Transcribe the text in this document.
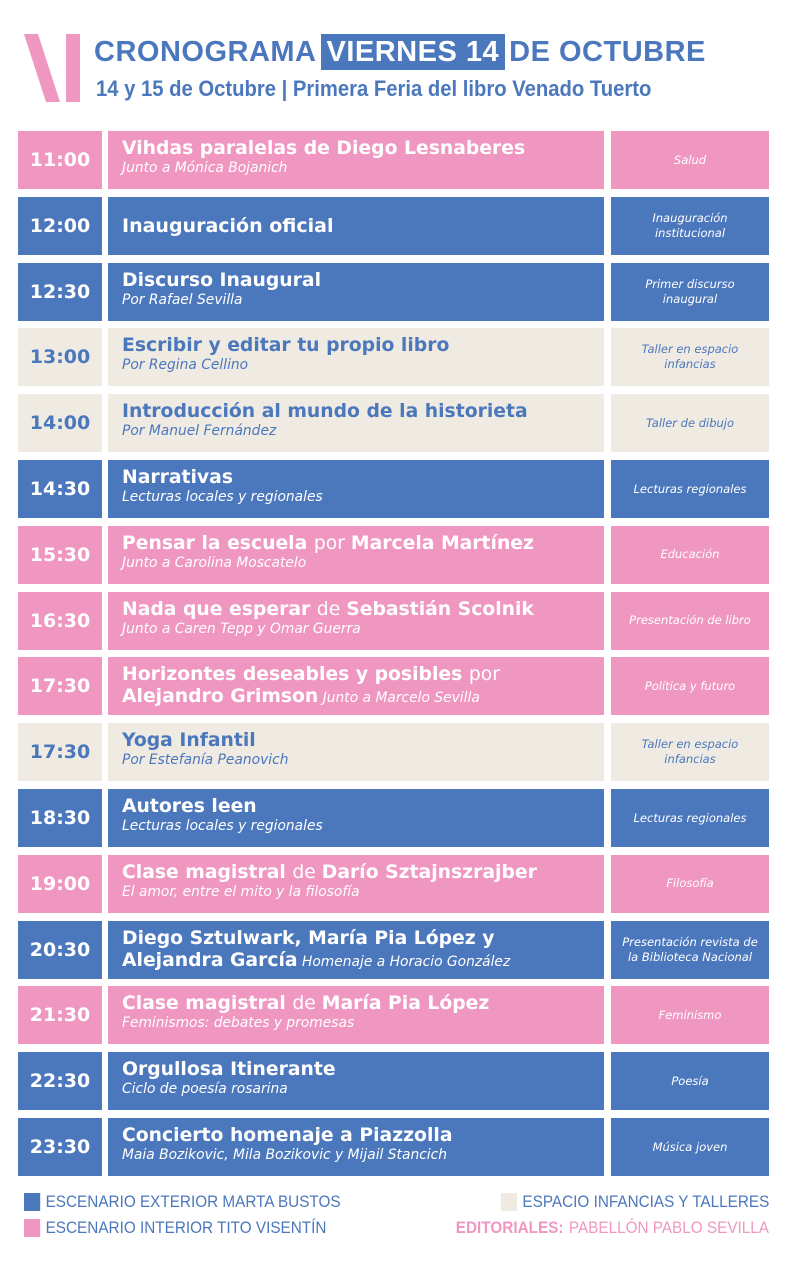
CRONOGRAMA VIERNES 14 DE OCTUBRE
14 y 15 de Octubre | Primera Feria del libro Venado Tuerto
11:00
Vihdas paralelas de Diego Lesnaberes
Junto a Mónica Bojanich
Salud
12:00	Inauguración oficial	Inauguración institucional
12:30
Discurso Inaugural
Por Rafael Sevilla
Primer discurso inaugural
13:00
Escribir y editar tu propio libro
Por Regina Cellino
Taller en espacio infancias
14:00
Introducción al mundo de la historieta
Por Manuel Fernández
Taller de dibujo
14:30
Narrativas
Lecturas locales y regionales
Lecturas regionales
15:30
Pensar la escuela por Marcela Martínez
Junto a Carolina Moscatelo
Educación
16:30
Nada que esperar de Sebastián Scolnik
Junto a Caren Tepp y Omar Guerra
Presentación de libro
17:30
Horizontes deseables y posibles por
Alejandro Grimson Junto a Marcelo Sevilla
Política y futuro
17:30
Yoga Infantil
Por Estefanía Peanovich
Taller en espacio infancias
18:30
Autores leen
Lecturas locales y regionales
Lecturas regionales
19:00
Clase magistral de Darío Sztajnszrajber
El amor, entre el mito y la filosofía
Filosofía
20:30
Diego Sztulwark, María Pia López y
Alejandra García Homenaje a Horacio González
Presentación revista de la Biblioteca Nacional
21:30
Clase magistral de María Pia López
Feminismos: debates y promesas
Feminismo
22:30
Orgullosa Itinerante
Ciclo de poesía rosarina
Poesía
23:30
Concierto homenaje a Piazzolla
Maia Bozikovic, Mila Bozikovic y Mijail Stancich
Música joven
ESCENARIO EXTERIOR MARTA BUSTOS
ESCENARIO INTERIOR TITO VISENTÍN
ESPACIO INFANCIAS Y TALLERES
EDITORIALES: PABELLÓN PABLO SEVILLA
